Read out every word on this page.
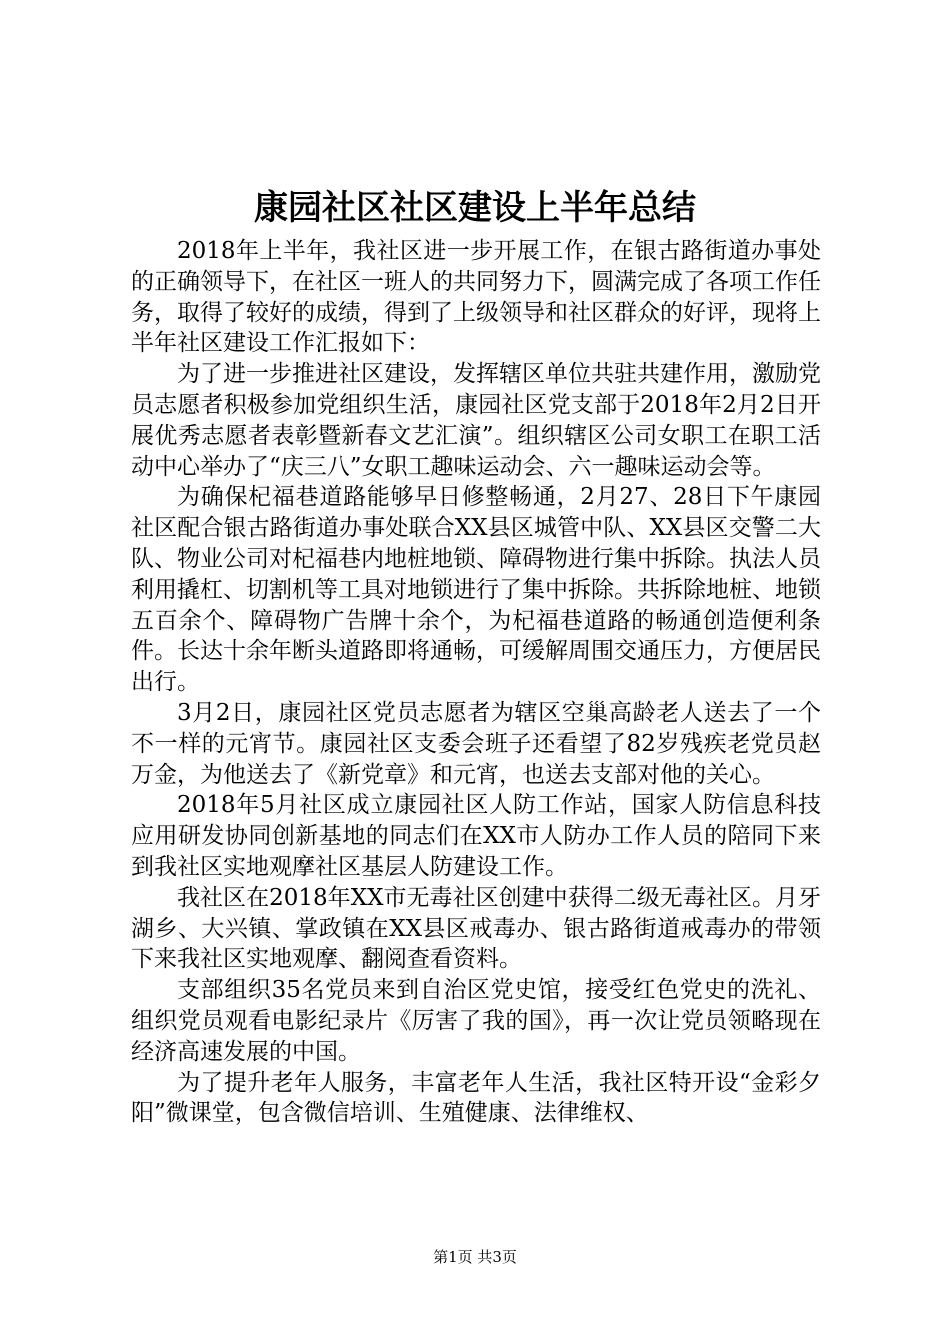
康园社区社区建设上半年总结

2018年上半年，我社区进一步开展工作，在银古路街道办事处的正确领导下，在社区一班人的共同努力下，圆满完成了各项工作任务，取得了较好的成绩，得到了上级领导和社区群众的好评，现将上半年社区建设工作汇报如下：

为了进一步推进社区建设，发挥辖区单位共驻共建作用，激励党员志愿者积极参加党组织生活，康园社区党支部于2018年2月2日开展优秀志愿者表彰暨新春文艺汇演”。组织辖区公司女职工在职工活动中心举办了“庆三八”女职工趣味运动会、六一趣味运动会等。

为确保杞福巷道路能够早日修整畅通，2月27、28日下午康园社区配合银古路街道办事处联合XX县区城管中队、XX县区交警二大队、物业公司对杞福巷内地桩地锁、障碍物进行集中拆除。执法人员利用撬杠、切割机等工具对地锁进行了集中拆除。共拆除地桩、地锁五百余个、障碍物广告牌十余个，为杞福巷道路的畅通创造便利条件。长达十余年断头道路即将通畅，可缓解周围交通压力，方便居民出行。

3月2日，康园社区党员志愿者为辖区空巢高龄老人送去了一个不一样的元宵节。康园社区支委会班子还看望了82岁残疾老党员赵万金，为他送去了《新党章》和元宵，也送去支部对他的关心。

2018年5月社区成立康园社区人防工作站，国家人防信息科技应用研发协同创新基地的同志们在XX市人防办工作人员的陪同下来到我社区实地观摩社区基层人防建设工作。

我社区在2018年XX市无毒社区创建中获得二级无毒社区。月牙湖乡、大兴镇、掌政镇在XX县区戒毒办、银古路街道戒毒办的带领下来我社区实地观摩、翻阅查看资料。

支部组织35名党员来到自治区党史馆，接受红色党史的洗礼、组织党员观看电影纪录片《厉害了我的国》，再一次让党员领略现在经济高速发展的中国。

为了提升老年人服务，丰富老年人生活，我社区特开设“金彩夕阳”微课堂，包含微信培训、生殖健康、法律维权、

第1页 共3页
